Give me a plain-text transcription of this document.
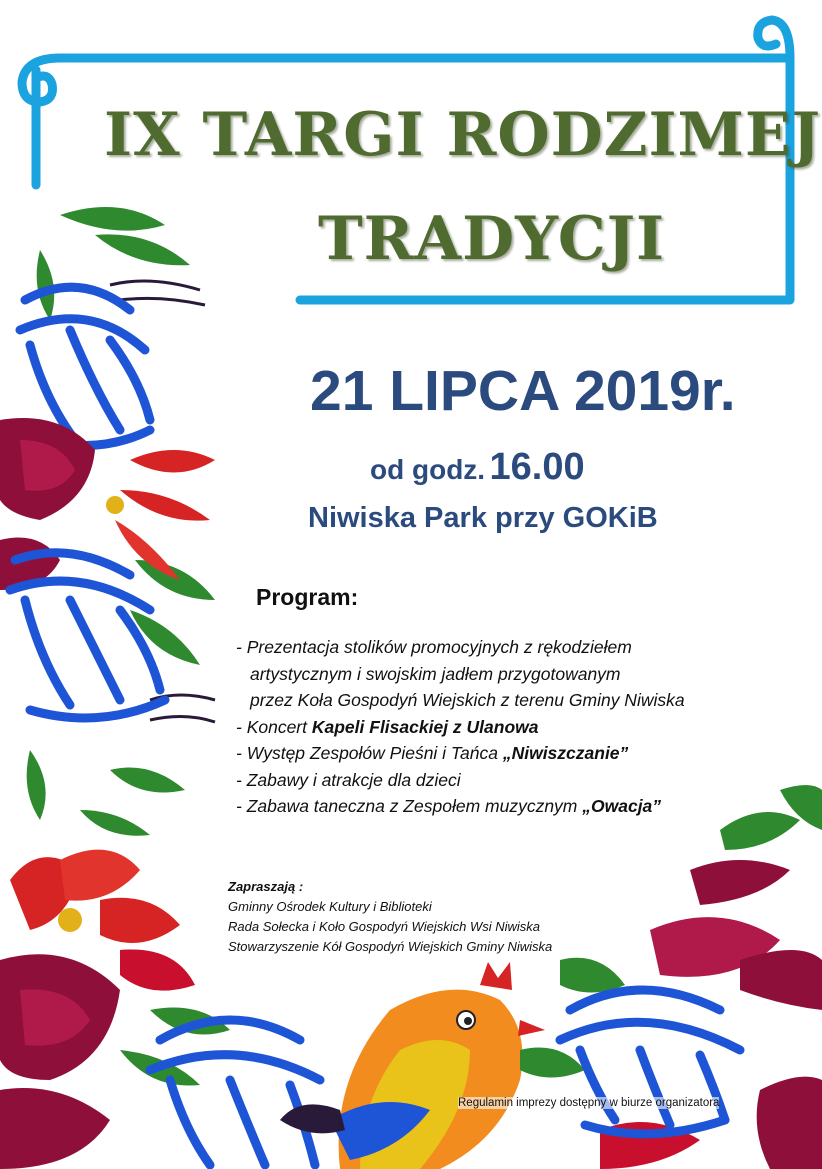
IX TARGI RODZIMEJ
TRADYCJI
21 LIPCA 2019r.
od godz. 16.00
Niwiska Park przy GOKiB
Program:
- Prezentacja stolików promocyjnych z rękodziełem
artystycznym i swojskim jadłem przygotowanym
przez Koła Gospodyń Wiejskich z terenu Gminy Niwiska
- Koncert Kapeli Flisackiej z Ulanowa
- Występ Zespołów Pieśni i Tańca „Niwiszczanie”
- Zabawy i atrakcje dla dzieci
- Zabawa taneczna z Zespołem muzycznym „Owacja”
Zapraszają :
Gminny Ośrodek Kultury i Biblioteki
Rada Sołecka i Koło Gospodyń Wiejskich Wsi Niwiska
Stowarzyszenie Kół Gospodyń Wiejskich Gminy Niwiska
Regulamin imprezy dostępny w biurze organizatora
